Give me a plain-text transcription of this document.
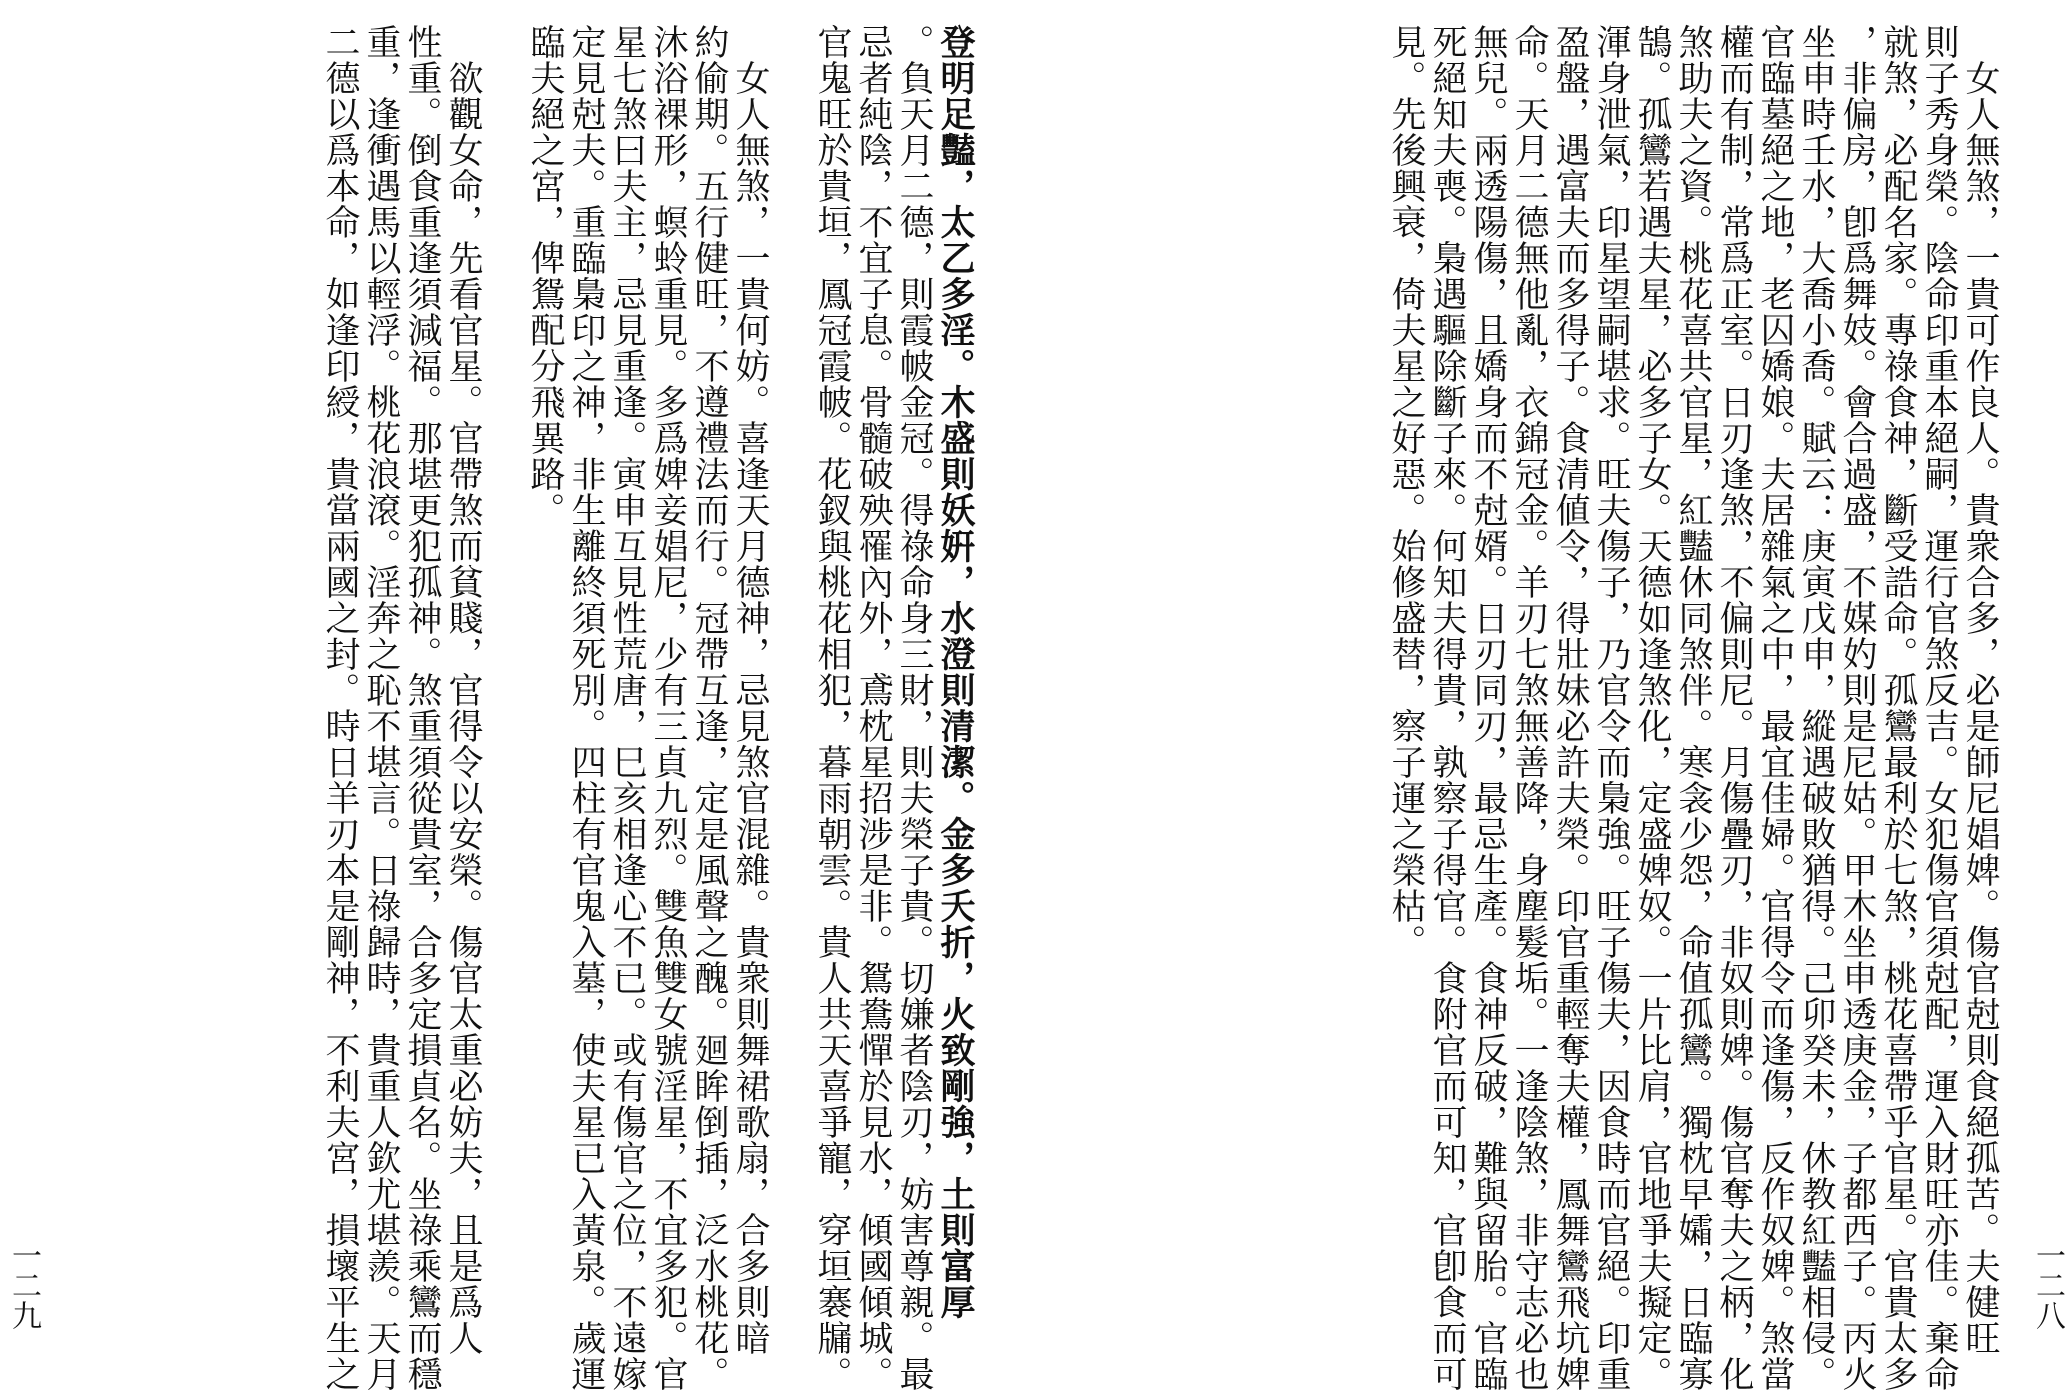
　女人無煞，一貴可作良人。貴衆合多，必是師尼娼婢。傷官尅則食絕孤苦。夫健旺
則子秀身榮。陰命印重本絕嗣，運行官煞反吉。女犯傷官須尅配，運入財旺亦佳。棄命
就煞，必配名家。專祿食神，斷受誥命。孤鸞最利於七煞，桃花喜帶乎官星。官貴太多
，非偏房，卽爲舞妓。會合過盛，不媒妁則是尼姑。甲木坐申透庚金，子都西子。丙火
坐申時壬水，大喬小喬。賦云：庚寅戊申，縱遇破敗猶得。己卯癸未，休教紅豔相侵。
官臨墓絕之地，老囚嬌娘。夫居雜氣之中，最宜佳婦。官得令而逢傷，反作奴婢。煞當
權而有制，常爲正室。日刃逢煞，不偏則尼。月傷疊刃，非奴則婢。傷官奪夫之柄，化
煞助夫之資。桃花喜共官星，紅豔休同煞伴。寒衾少怨，命值孤鸞。獨枕早孀，日臨寡
鵠。孤鸞若遇夫星，必多子女。天德如逢煞化，定盛婢奴。一片比肩，官地爭夫擬定。
渾身泄氣，印星望嗣堪求。旺夫傷子，乃官令而梟強。旺子傷夫，因食時而官絕。印重
盈盤，遇富夫而多得子。食清値令，得壯妹必許夫榮。印官重輕奪夫權，鳳舞鸞飛坑婢
命。天月二德無他亂，衣錦冠金。羊刃七煞無善降，身塵髮垢。一逢陰煞，非守志必也
無兒。兩透陽傷，且嬌身而不尅婿。日刃同刃，最忌生產。食神反破，難與留胎。官臨
死絕知夫喪。梟遇驅除斷子來。何知夫得貴，孰察子得官。食附官而可知，官卽食而可
見。先後興衰，倚夫星之好惡。始修盛替，察子運之榮枯。
一二八
登明足豔，太乙多淫。木盛則妖姸，水澄則清潔。金多夭折，火致剛強，土則富厚
。負天月二德，則霞帔金冠。得祿命身三財，則夫榮子貴。切嫌者陰刃，妨害尊親。最
忌者純陰，不宜子息。骨髓破殃罹內外，鳶枕星招涉是非。鴛鴦憚於見水，傾國傾城。
官鬼旺於貴垣，鳳冠霞帔。花釵與桃花相犯，暮雨朝雲。貴人共天喜爭寵，穿垣褰牖。
　女人無煞，一貴何妨。喜逢天月德神，忌見煞官混雜。貴衆則舞裙歌扇，合多則暗
約偷期。五行健旺，不遵禮法而行。冠帶互逢，定是風聲之醜。廻眸倒插，泛水桃花。
沐浴裸形，螟蛉重見。多爲婢妾娼尼，少有三貞九烈。雙魚雙女號淫星，不宜多犯。官
星七煞曰夫主，忌見重逢。寅申互見性荒唐，巳亥相逢心不已。或有傷官之位，不遠嫁
定見尅夫。重臨梟印之神，非生離終須死別。四柱有官鬼入墓，使夫星已入黃泉。歲運
臨夫絕之宮，俾鴛配分飛異路。
　欲觀女命，先看官星。官帶煞而貧賤，官得令以安榮。傷官太重必妨夫，且是爲人
性重。倒食重逢須減福。那堪更犯孤神。煞重須從貴室，合多定損貞名。坐祿乘鸞而穩
重，逢衝遇馬以輕浮。桃花浪滾。淫奔之恥不堪言。日祿歸時，貴重人欽尤堪羨。天月
二德以爲本命，如逢印綬，貴當兩國之封。時日羊刃本是剛神，不利夫宮，損壞平生之
一二九
